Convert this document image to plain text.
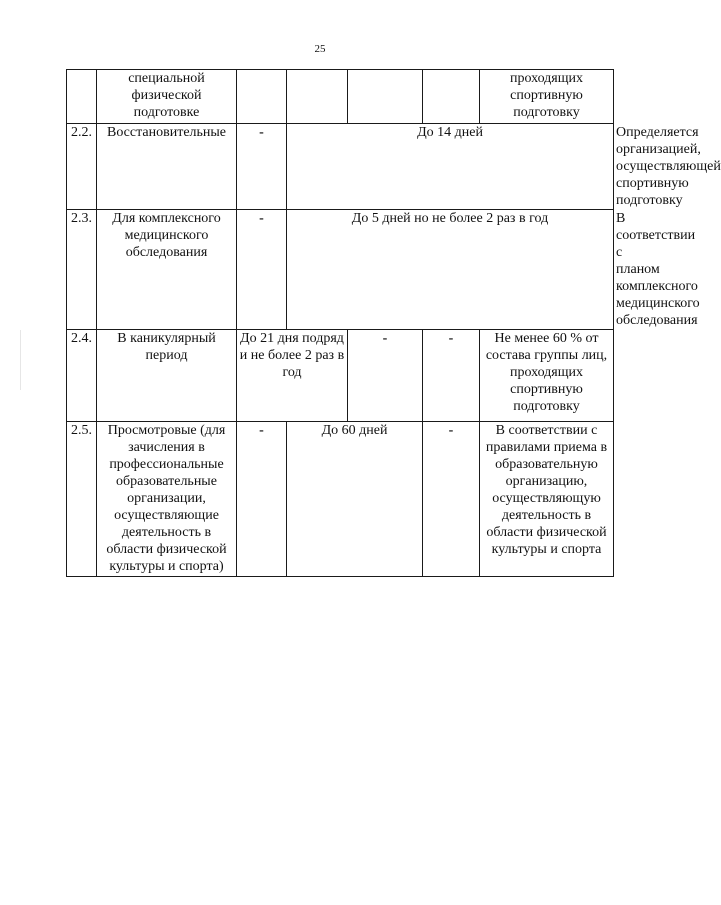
25
	специальной физической подготовке					проходящих спортивную подготовку	
2.2.	Восстановительные	-	До 14 дней				Определяется организацией, осуществляющей спортивную подготовку
2.3.	Для комплексного медицинского обследования	-	До 5 дней но не более 2 раз в год				В соответствии с планом комплексного медицинского обследования
2.4.	В каникулярный период	До 21 дня подряд и не более 2 раз в год		-	-	Не менее 60 % от состава группы лиц, проходящих спортивную подготовку	
2.5.	Просмотровые (для зачисления в профессиональные образовательные организации, осуществляющие деятельность в области физической культуры и спорта)	-	До 60 дней		-	В соответствии с правилами приема в образовательную организацию, осуществляющую деятельность в области физической культуры и спорта	
